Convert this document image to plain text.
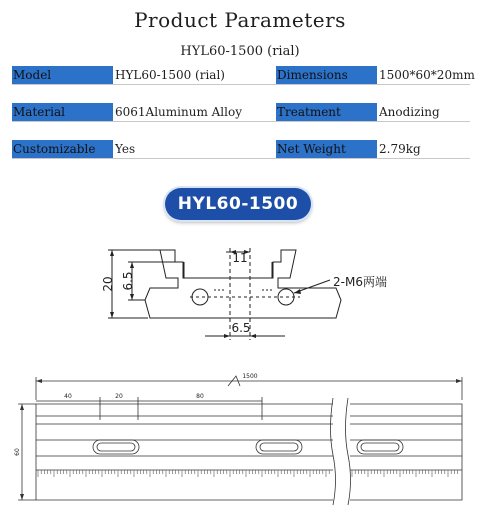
Product Parameters
HYL60-1500 (rial)
Model	HYL60-1500 (rial)	Dimensions	1500*60*20mm
Material	6061Aluminum Alloy	Treatment	Anodizing
Customizable	Yes	Net Weight	2.79kg
HYL60-1500
11
20 6.5
6.5
2-M6两端
1500
40	20	80
60
